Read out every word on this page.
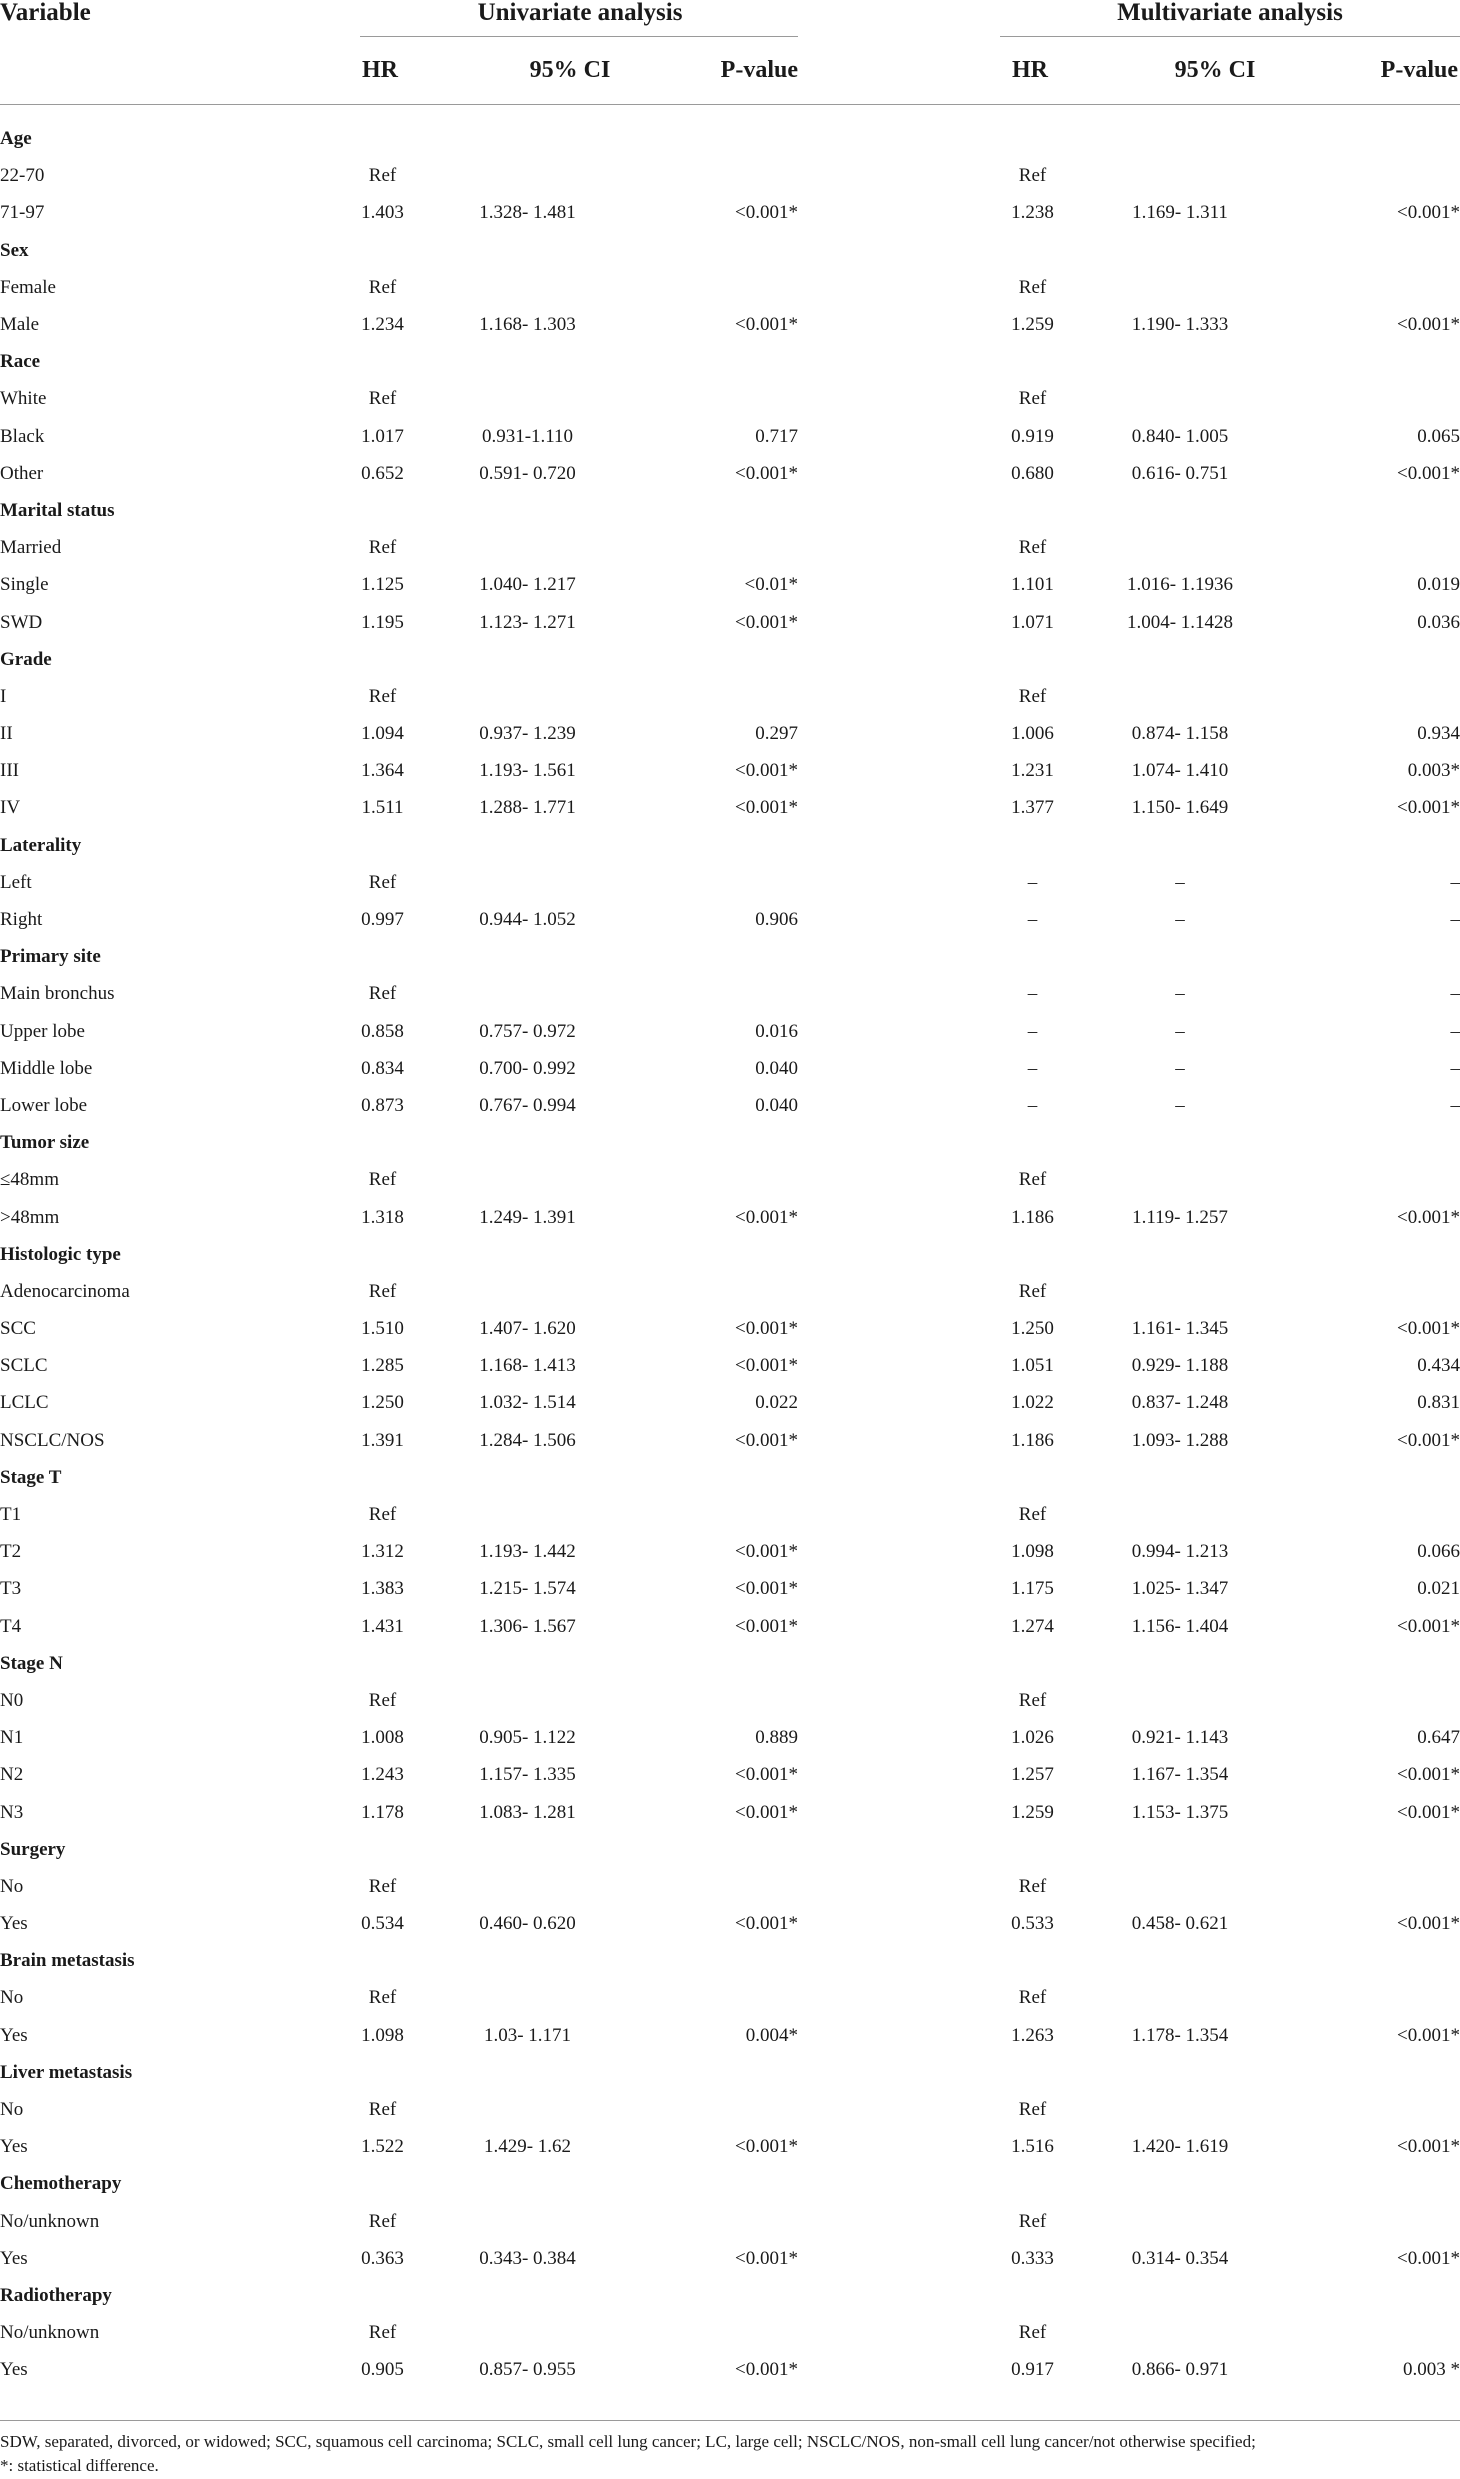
Variable	Univariate analysis	Multivariate analysis
HR	95% CI	P-value	HR	95% CI	P-value
Age							
22-70	Ref				Ref		
71-97	1.403	1.328- 1.481	<0.001*		1.238	1.169- 1.311	<0.001*
Sex							
Female	Ref				Ref		
Male	1.234	1.168- 1.303	<0.001*		1.259	1.190- 1.333	<0.001*
Race							
White	Ref				Ref		
Black	1.017	0.931-1.110	0.717		0.919	0.840- 1.005	0.065
Other	0.652	0.591- 0.720	<0.001*		0.680	0.616- 0.751	<0.001*
Marital status							
Married	Ref				Ref		
Single	1.125	1.040- 1.217	<0.01*		1.101	1.016- 1.1936	0.019
SWD	1.195	1.123- 1.271	<0.001*		1.071	1.004- 1.1428	0.036
Grade							
I	Ref				Ref		
II	1.094	0.937- 1.239	0.297		1.006	0.874- 1.158	0.934
III	1.364	1.193- 1.561	<0.001*		1.231	1.074- 1.410	0.003*
IV	1.511	1.288- 1.771	<0.001*		1.377	1.150- 1.649	<0.001*
Laterality							
Left	Ref				–	–	–
Right	0.997	0.944- 1.052	0.906		–	–	–
Primary site							
Main bronchus	Ref				–	–	–
Upper lobe	0.858	0.757- 0.972	0.016		–	–	–
Middle lobe	0.834	0.700- 0.992	0.040		–	–	–
Lower lobe	0.873	0.767- 0.994	0.040		–	–	–
Tumor size							
≤48mm	Ref				Ref		
>48mm	1.318	1.249- 1.391	<0.001*		1.186	1.119- 1.257	<0.001*
Histologic type							
Adenocarcinoma	Ref				Ref		
SCC	1.510	1.407- 1.620	<0.001*		1.250	1.161- 1.345	<0.001*
SCLC	1.285	1.168- 1.413	<0.001*		1.051	0.929- 1.188	0.434
LCLC	1.250	1.032- 1.514	0.022		1.022	0.837- 1.248	0.831
NSCLC/NOS	1.391	1.284- 1.506	<0.001*		1.186	1.093- 1.288	<0.001*
Stage T							
T1	Ref				Ref		
T2	1.312	1.193- 1.442	<0.001*		1.098	0.994- 1.213	0.066
T3	1.383	1.215- 1.574	<0.001*		1.175	1.025- 1.347	0.021
T4	1.431	1.306- 1.567	<0.001*		1.274	1.156- 1.404	<0.001*
Stage N							
N0	Ref				Ref		
N1	1.008	0.905- 1.122	0.889		1.026	0.921- 1.143	0.647
N2	1.243	1.157- 1.335	<0.001*		1.257	1.167- 1.354	<0.001*
N3	1.178	1.083- 1.281	<0.001*		1.259	1.153- 1.375	<0.001*
Surgery							
No	Ref				Ref		
Yes	0.534	0.460- 0.620	<0.001*		0.533	0.458- 0.621	<0.001*
Brain metastasis							
No	Ref				Ref		
Yes	1.098	1.03- 1.171	0.004*		1.263	1.178- 1.354	<0.001*
Liver metastasis							
No	Ref				Ref		
Yes	1.522	1.429- 1.62	<0.001*		1.516	1.420- 1.619	<0.001*
Chemotherapy							
No/unknown	Ref				Ref		
Yes	0.363	0.343- 0.384	<0.001*		0.333	0.314- 0.354	<0.001*
Radiotherapy							
No/unknown	Ref				Ref		
Yes	0.905	0.857- 0.955	<0.001*		0.917	0.866- 0.971	0.003 *
SDW, separated, divorced, or widowed; SCC, squamous cell carcinoma; SCLC, small cell lung cancer; LC, large cell; NSCLC/NOS, non-small cell lung cancer/not otherwise specified;
*: statistical difference.
